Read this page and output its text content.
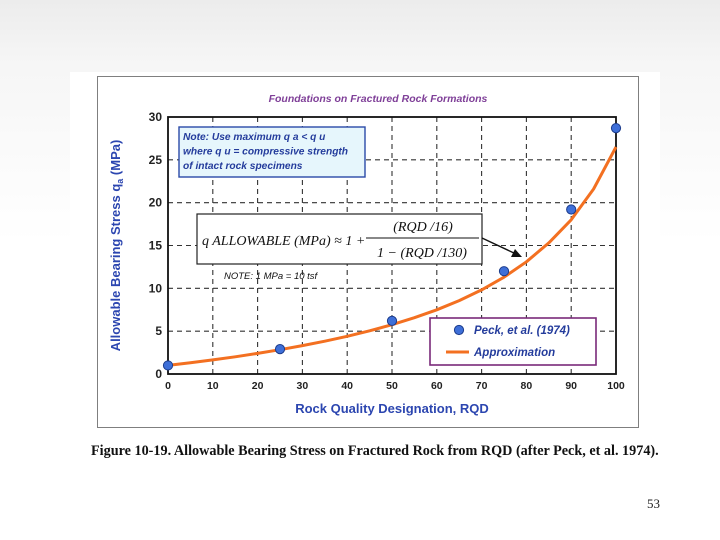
Foundations on Fractured Rock Formations
0	10	20	30	40	50	60	70	80	90	100
0
5
10
15
20
25
30
Note: Use maximum q a < q u
where q u = compressive strength
of intact rock specimens
q ALLOWABLE (MPa) ≈ 1 +
(RQD /16)
1 − (RQD /130)
NOTE: 1 MPa = 10 tsf
Peck, et al. (1974)
Approximation
Rock Quality Designation, RQD
Allowable Bearing Stress $q_a$ (MPa)
Figure 10-19. Allowable Bearing Stress on Fractured Rock from RQD (after Peck, et al. 1974).
53
